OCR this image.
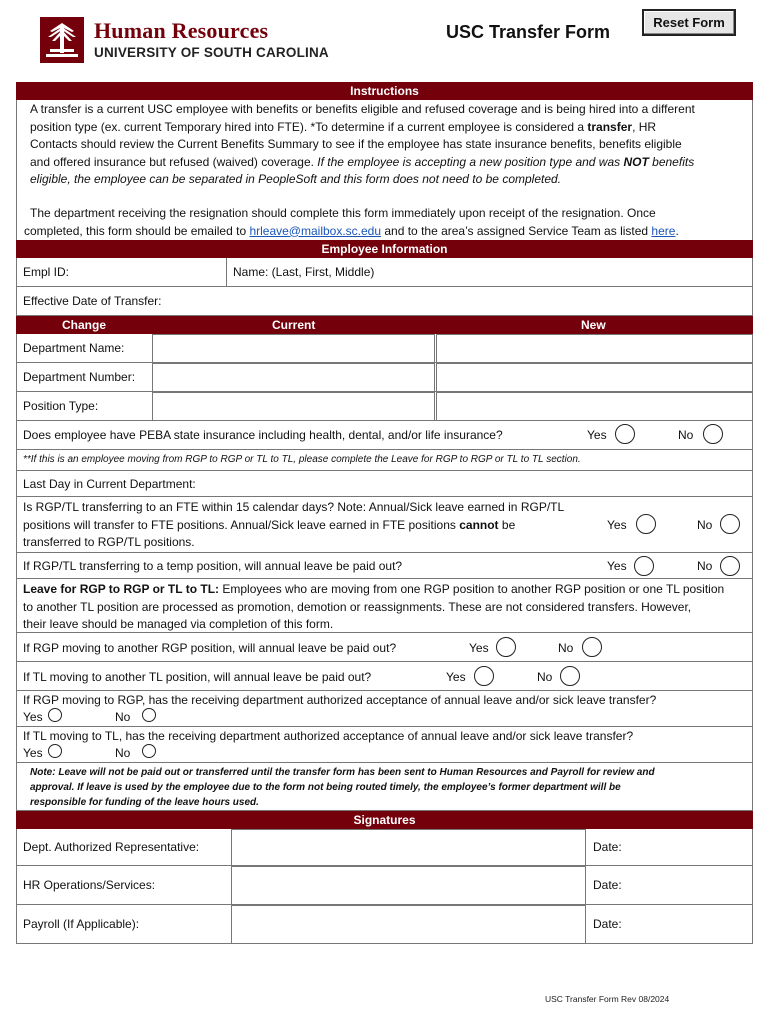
Human Resources
UNIVERSITY OF SOUTH CAROLINA
USC Transfer Form	Reset Form
Instructions
A transfer is a current USC employee with benefits or benefits eligible and refused coverage and is being hired into a different
position type (ex. current Temporary hired into FTE). *To determine if a current employee is considered a transfer, HR
Contacts should review the Current Benefits Summary to see if the employee has state insurance benefits, benefits eligible
and offered insurance but refused (waived) coverage. If the employee is accepting a new position type and was NOT benefits
eligible, the employee can be separated in PeopleSoft and this form does not need to be completed.
The department receiving the resignation should complete this form immediately upon receipt of the resignation. Once
completed, this form should be emailed to hrleave@mailbox.sc.edu and to the area’s assigned Service Team as listed here.
Employee Information
Empl ID:	Name: (Last, First, Middle)
Effective Date of Transfer:
Change	Current	New
Department Name:
Department Number:
Position Type:
Does employee have PEBA state insurance including health, dental, and/or life insurance?	Yes	No
**If this is an employee moving from RGP to RGP or TL to TL, please complete the Leave for RGP to RGP or TL to TL section.
Last Day in Current Department:
Is RGP/TL transferring to an FTE within 15 calendar days? Note: Annual/Sick leave earned in RGP/TL
positions will transfer to FTE positions. Annual/Sick leave earned in FTE positions cannot be
transferred to RGP/TL positions.
Yes	No
If RGP/TL transferring to a temp position, will annual leave be paid out?	Yes	No
Leave for RGP to RGP or TL to TL: Employees who are moving from one RGP position to another RGP position or one TL position
to another TL position are processed as promotion, demotion or reassignments. These are not considered transfers. However,
their leave should be managed via completion of this form.
If RGP moving to another RGP position, will annual leave be paid out?	Yes	No
If TL moving to another TL position, will annual leave be paid out?	Yes	No
If RGP moving to RGP, has the receiving department authorized acceptance of annual leave and/or sick leave transfer?
Yes	No
If TL moving to TL, has the receiving department authorized acceptance of annual leave and/or sick leave transfer?
Yes	No
Note: Leave will not be paid out or transferred until the transfer form has been sent to Human Resources and Payroll for review and
approval. If leave is used by the employee due to the form not being routed timely, the employee’s former department will be
responsible for funding of the leave hours used.
Signatures
Dept. Authorized Representative:	Date:
HR Operations/Services:	Date:
Payroll (If Applicable):	Date:
USC Transfer Form Rev 08/2024
